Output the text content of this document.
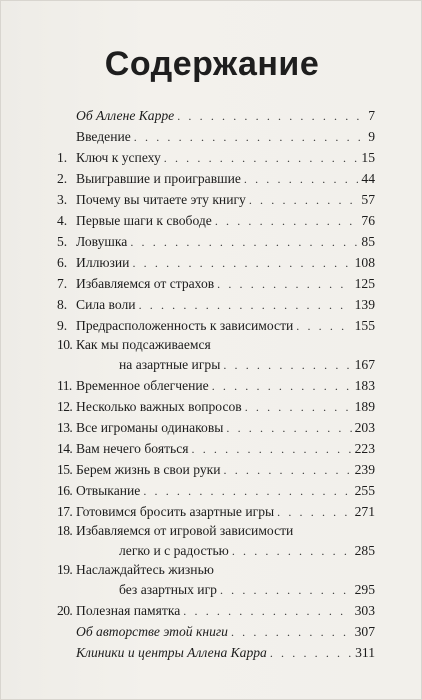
Содержание
Об Аллене Карре . . .	7
Введение . . .	9
1. Ключ к успеху . . .	15
2. Выигравшие и проигравшие . . .	44
3. Почему вы читаете эту книгу . . .	57
4. Первые шаги к свободе . . .	76
5. Ловушка . . .	85
6. Иллюзии . . .	108
7. Избавляемся от страхов . . .	125
8. Сила воли . . .	139
9. Предрасположенность к зависимости . . .	155
10. Как мы подсаживаемся
на азартные игры . . .	167
11. Временное облегчение . . .	183
12. Несколько важных вопросов . . .	189
13. Все игроманы одинаковы . . .	203
14. Вам нечего бояться . . .	223
15. Берем жизнь в свои руки . . .	239
16. Отвыкание . . .	255
17. Готовимся бросить азартные игры . . .	271
18. Избавляемся от игровой зависимости
легко и с радостью . . .	285
19. Наслаждайтесь жизнью
без азартных игр . . .	295
20. Полезная памятка . . .	303
Об авторстве этой книги . . .	307
Клиники и центры Аллена Карра . . .	311
